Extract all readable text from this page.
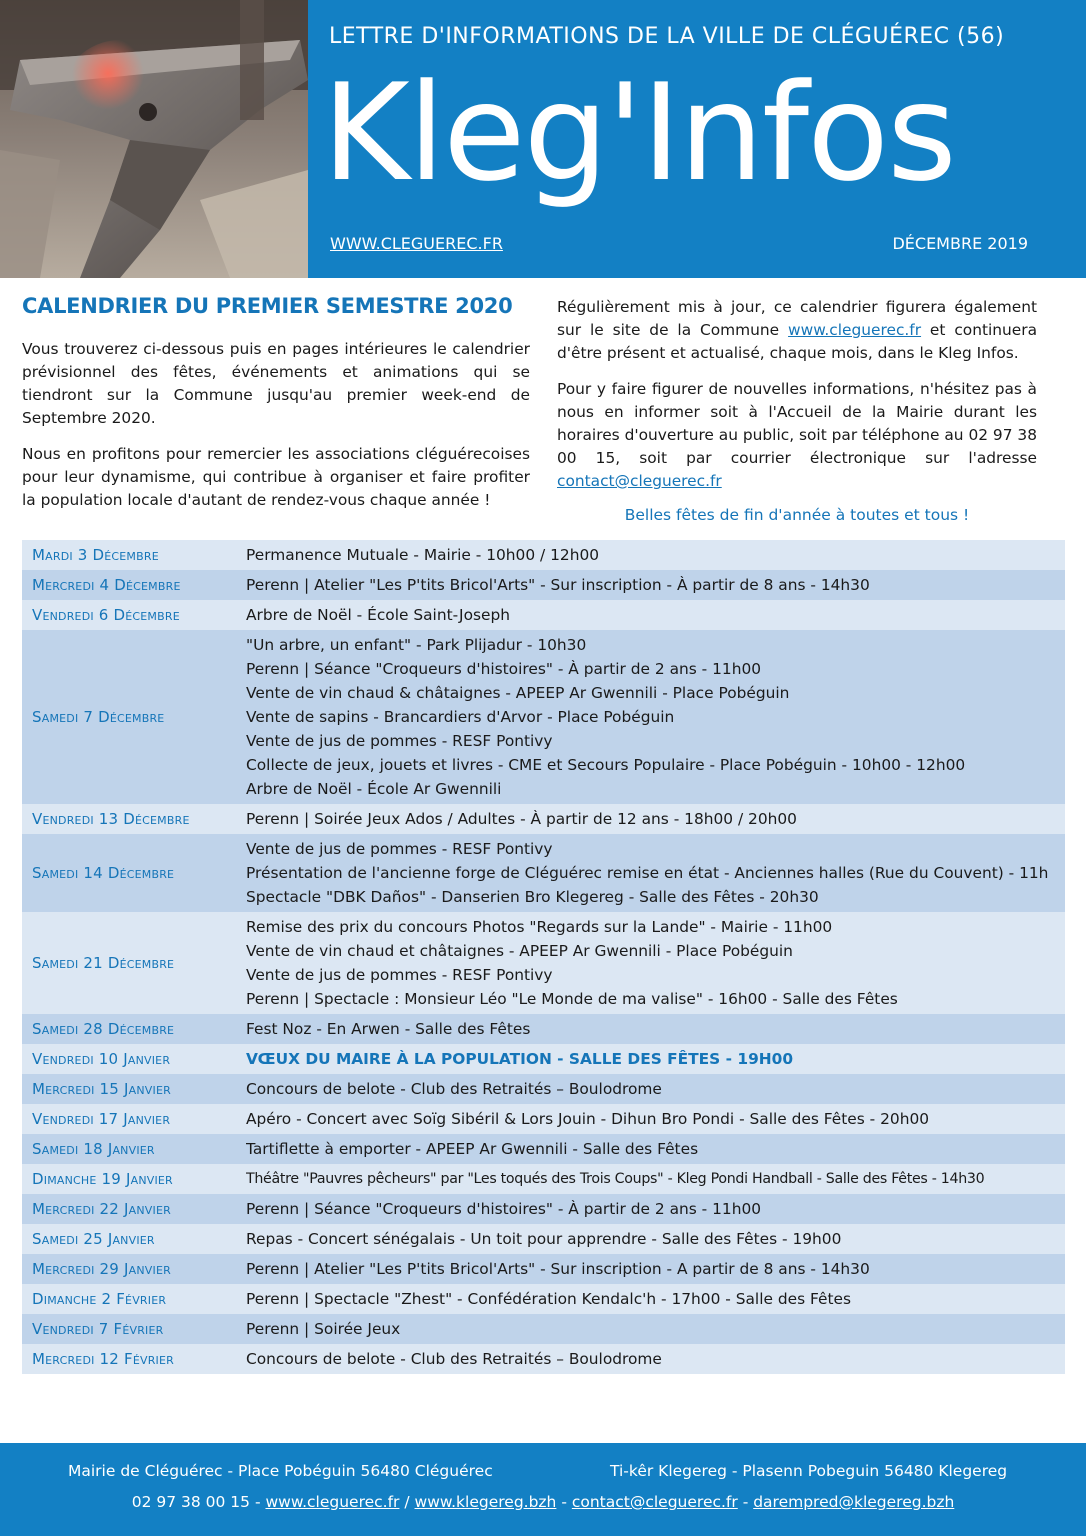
LETTRE D'INFORMATIONS DE LA VILLE DE CLÉGUÉREC (56)
Kleg'Infos
WWW.CLEGUEREC.FR	DÉCEMBRE 2019
CALENDRIER DU PREMIER SEMESTRE 2020

Vous trouverez ci-dessous puis en pages intérieures le calendrier prévisionnel des fêtes, événements et animations qui se tiendront sur la Commune jusqu'au premier week-end de Septembre 2020.

Nous en profitons pour remercier les associations cléguérecoises pour leur dynamisme, qui contribue à organiser et faire profiter la population locale d'autant de rendez-vous chaque année !

Régulièrement mis à jour, ce calendrier figurera également sur le site de la Commune www.cleguerec.fr et continuera d'être présent et actualisé, chaque mois, dans le Kleg Infos.

Pour y faire figurer de nouvelles informations, n'hésitez pas à nous en informer soit à l'Accueil de la Mairie durant les horaires d'ouverture au public, soit par téléphone au 02 97 38 00 15, soit par courrier électronique sur l'adresse contact@cleguerec.fr

Belles fêtes de fin d'année à toutes et tous !
Mardi 3 Décembre	Permanence Mutuale - Mairie - 10h00 / 12h00
Mercredi 4 Décembre	Perenn | Atelier "Les P'tits Bricol'Arts" - Sur inscription - À partir de 8 ans - 14h30
Vendredi 6 Décembre	Arbre de Noël - École Saint-Joseph
Samedi 7 Décembre
"Un arbre, un enfant" - Park Plijadur - 10h30
Perenn | Séance "Croqueurs d'histoires" - À partir de 2 ans - 11h00
Vente de vin chaud & châtaignes - APEEP Ar Gwennili - Place Pobéguin
Vente de sapins - Brancardiers d'Arvor - Place Pobéguin
Vente de jus de pommes - RESF Pontivy
Collecte de jeux, jouets et livres - CME et Secours Populaire - Place Pobéguin - 10h00 - 12h00
Arbre de Noël - École Ar Gwennili
Vendredi 13 Décembre	Perenn | Soirée Jeux Ados / Adultes - À partir de 12 ans - 18h00 / 20h00
Samedi 14 Décembre
Vente de jus de pommes - RESF Pontivy
Présentation de l'ancienne forge de Cléguérec remise en état - Anciennes halles (Rue du Couvent) - 11h
Spectacle "DBK Daños" - Danserien Bro Klegereg - Salle des Fêtes - 20h30
Samedi 21 Décembre
Remise des prix du concours Photos "Regards sur la Lande" - Mairie - 11h00
Vente de vin chaud et châtaignes - APEEP Ar Gwennili - Place Pobéguin
Vente de jus de pommes - RESF Pontivy
Perenn | Spectacle : Monsieur Léo "Le Monde de ma valise" - 16h00 - Salle des Fêtes
Samedi 28 Décembre	Fest Noz - En Arwen - Salle des Fêtes
Vendredi 10 Janvier	VŒUX DU MAIRE À LA POPULATION - SALLE DES FÊTES - 19H00
Mercredi 15 Janvier	Concours de belote - Club des Retraités – Boulodrome
Vendredi 17 Janvier	Apéro - Concert avec Soïg Sibéril & Lors Jouin - Dihun Bro Pondi - Salle des Fêtes - 20h00
Samedi 18 Janvier	Tartiflette à emporter - APEEP Ar Gwennili - Salle des Fêtes
Dimanche 19 Janvier	Théâtre "Pauvres pêcheurs" par "Les toqués des Trois Coups" - Kleg Pondi Handball - Salle des Fêtes - 14h30
Mercredi 22 Janvier	Perenn | Séance "Croqueurs d'histoires" - À partir de 2 ans - 11h00
Samedi 25 Janvier	Repas - Concert sénégalais - Un toit pour apprendre - Salle des Fêtes - 19h00
Mercredi 29 Janvier	Perenn | Atelier "Les P'tits Bricol'Arts" - Sur inscription - A partir de 8 ans - 14h30
Dimanche 2 Février	Perenn | Spectacle "Zhest" - Confédération Kendalc'h - 17h00 - Salle des Fêtes
Vendredi 7 Février	Perenn | Soirée Jeux
Mercredi 12 Février	Concours de belote - Club des Retraités – Boulodrome
Mairie de Cléguérec - Place Pobéguin 56480 Cléguérec	Ti-kêr Klegereg - Plasenn Pobeguin 56480 Klegereg
02 97 38 00 15 - www.cleguerec.fr / www.klegereg.bzh - contact@cleguerec.fr - darempred@klegereg.bzh
